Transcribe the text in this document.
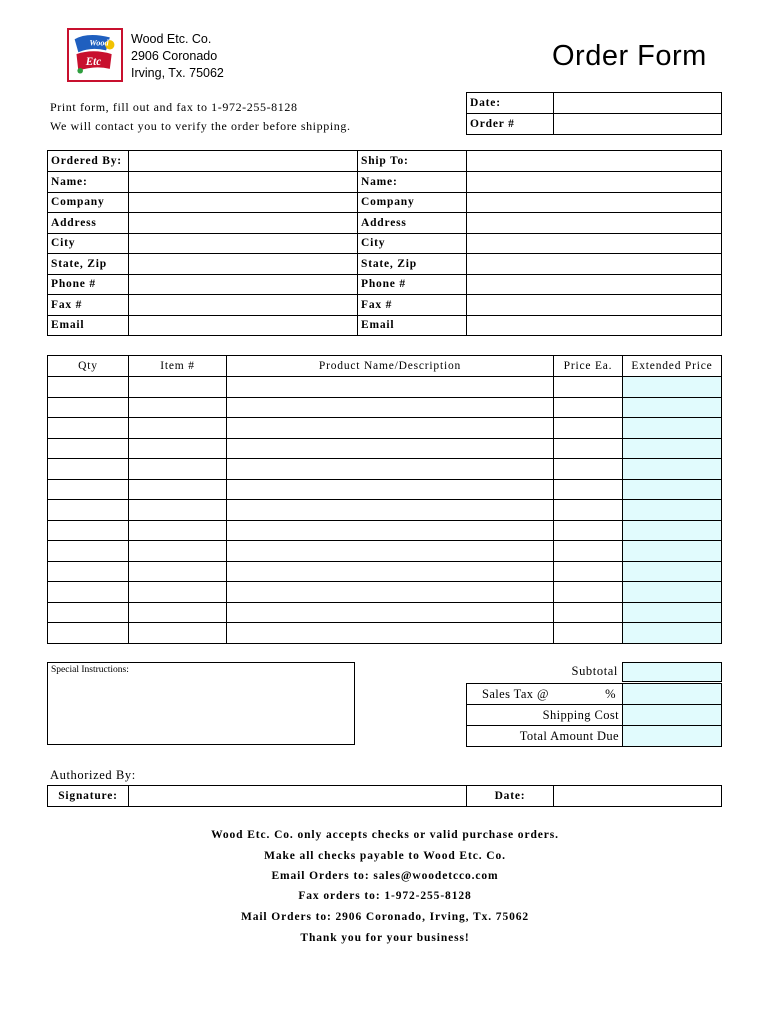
Wood
Etc
Wood Etc. Co.
2906 Coronado
Irving, Tx. 75062
Order Form
Print form, fill out and fax to 1-972-255-8128
We will contact you to verify the order before shipping.
Date:	
Order #	
Ordered By:		Ship To:	
Name:		Name:	
Company		Company	
Address		Address	
City		City	
State, Zip		State, Zip	
Phone #		Phone #	
Fax #		Fax #	
Email		Email	
Qty	Item #	Product Name/Description	Price Ea.	Extended Price

Special Instructions:	Subtotal
Sales Tax @ %	

Shipping Cost	
Total Amount Due	
Authorized By:
Signature:		Date:	
Wood Etc. Co. only accepts checks or valid purchase orders.
Make all checks payable to Wood Etc. Co.
Email Orders to: sales@woodetcco.com
Fax orders to: 1-972-255-8128
Mail Orders to: 2906 Coronado, Irving, Tx. 75062
Thank you for your business!
